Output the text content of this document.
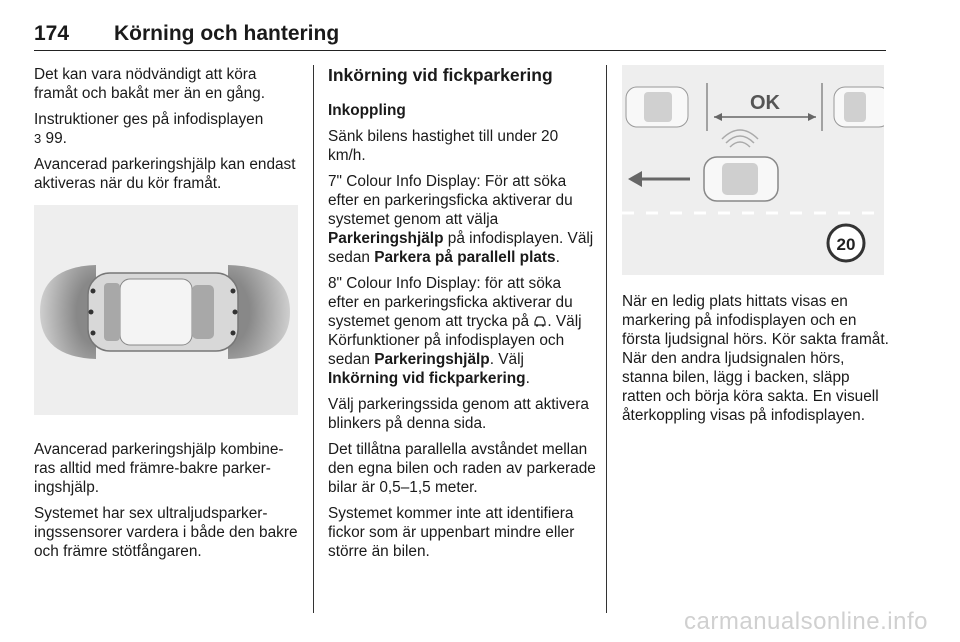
174 Körning och hantering

Det kan vara nödvändigt att köra framåt och bakåt mer än en gång.

Instruktioner ges på infodisplayen
3 99.

Avancerad parkeringshjälp kan endast aktiveras när du kör framåt.

Avancerad parkeringshjälp kombineras alltid med främre-bakre parkeringshjälp.

Systemet har sex ultraljudsparkeringssensorer vardera i både den bakre och främre stötfångaren.

Inkörning vid fickparkering

Inkoppling

Sänk bilens hastighet till under 20 km/h.

7" Colour Info Display: För att söka efter en parkeringsficka aktiverar du systemet genom att välja Parkeringshjälp på infodisplayen. Välj sedan Parkera på parallell plats.

8" Colour Info Display: för att söka efter en parkeringsficka aktiverar du systemet genom att trycka på . Välj Körfunktioner på infodisplayen och sedan Parkeringshjälp. Välj Inkörning vid fickparkering.

Välj parkeringssida genom att aktivera blinkers på denna sida.

Det tillåtna parallella avståndet mellan den egna bilen och raden av parkerade bilar är 0,5–1,5 meter.

Systemet kommer inte att identifiera fickor som är uppenbart mindre eller större än bilen.

OK
20

När en ledig plats hittats visas en markering på infodisplayen och en första ljudsignal hörs. Kör sakta framåt. När den andra ljudsignalen hörs, stanna bilen, lägg i backen, släpp ratten och börja köra sakta. En visuell återkoppling visas på infodisplayen.

carmanualsonline.info
